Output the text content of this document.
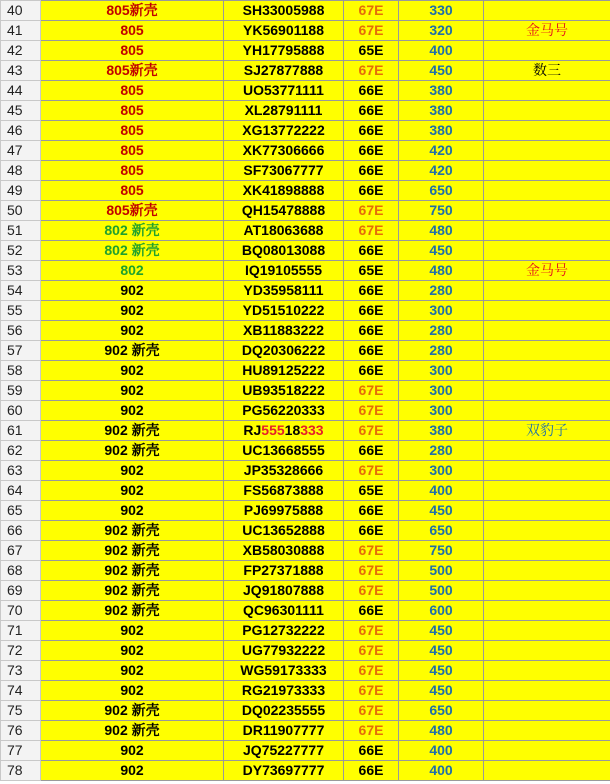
40	805新壳	SH33005988	67E	330	
41	805	YK56901188	67E	320	金马号
42	805	YH17795888	65E	400	
43	805新壳	SJ27877888	67E	450	数三
44	805	UO53771111	66E	380	
45	805	XL28791111	66E	380	
46	805	XG13772222	66E	380	
47	805	XK77306666	66E	420	
48	805	SF73067777	66E	420	
49	805	XK41898888	66E	650	
50	805新壳	QH15478888	67E	750	
51	802 新壳	AT18063688	67E	480	
52	802 新壳	BQ08013088	66E	450	
53	802	IQ19105555	65E	480	金马号
54	902	YD35958111	66E	280	
55	902	YD51510222	66E	300	
56	902	XB11883222	66E	280	
57	902 新壳	DQ20306222	66E	280	
58	902	HU89125222	66E	300	
59	902	UB93518222	67E	300	
60	902	PG56220333	67E	300	
61	902 新壳	RJ55518333	67E	380	双豹子
62	902 新壳	UC13668555	66E	280	
63	902	JP35328666	67E	300	
64	902	FS56873888	65E	400	
65	902	PJ69975888	66E	450	
66	902 新壳	UC13652888	66E	650	
67	902 新壳	XB58030888	67E	750	
68	902 新壳	FP27371888	67E	500	
69	902 新壳	JQ91807888	67E	500	
70	902 新壳	QC96301111	66E	600	
71	902	PG12732222	67E	450	
72	902	UG77932222	67E	450	
73	902	WG59173333	67E	450	
74	902	RG21973333	67E	450	
75	902 新壳	DQ02235555	67E	650	
76	902 新壳	DR11907777	67E	480	
77	902	JQ75227777	66E	400	
78	902	DY73697777	66E	400	
